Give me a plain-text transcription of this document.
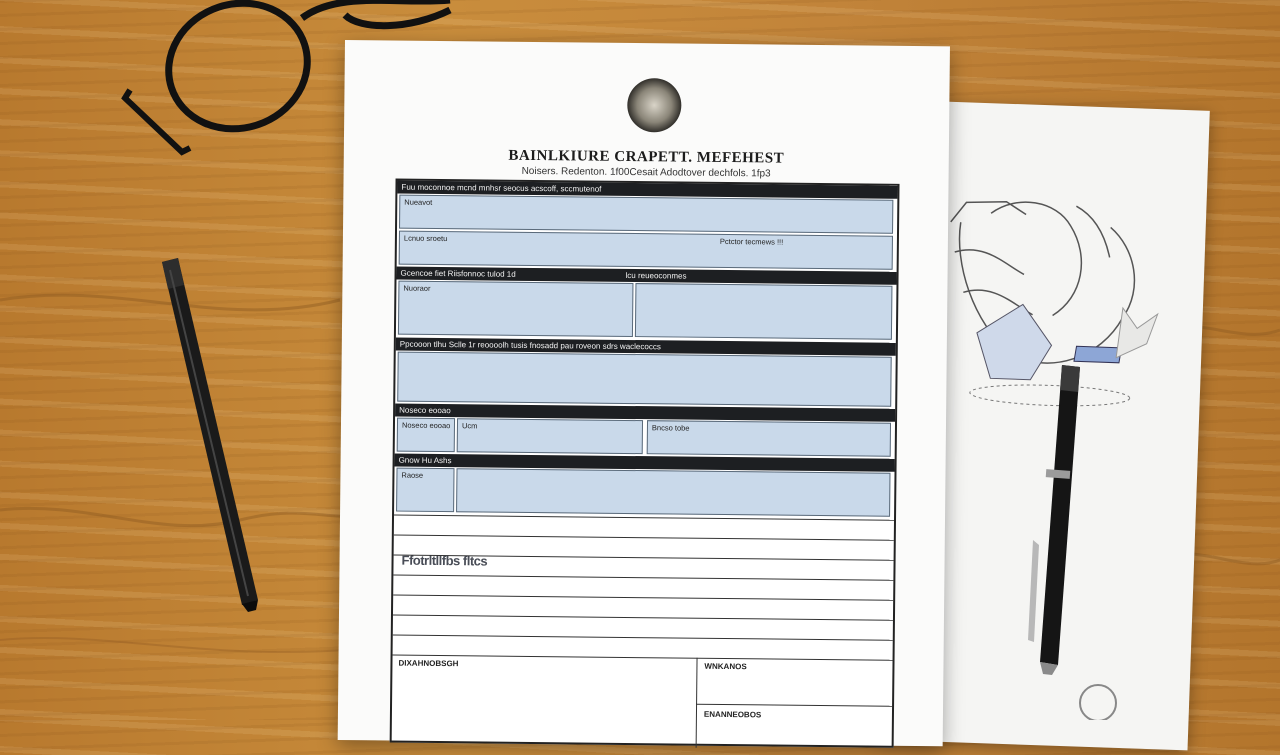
BAINLKIURE CRAPETT. MEFEHEST
Noisers. Redenton. 1f00Cesait Adodtover dechfols. 1fp3
Fuu moconnoe mcnd mnhsr seocus acscoff, sccmutenof
Nueavot
Lcnuo sroetu	Pctctor tecmews !!!
Gcencoe fiet Riisfonnoc tulod 1d	lcu reueoconmes
Nuoraor
Ppcooon tlhu Sclle 1r reoooolh tusis fnosadd pau roveon sdrs waclecoccs
Noseco eooao
Noseco eooao	Ucm	Bncso tobe
Gnow Hu Ashs
Raose
Ffotrltllfbs fltcs
DIXAHNOBSGH	WNKANOS
ENANNEOBOS
